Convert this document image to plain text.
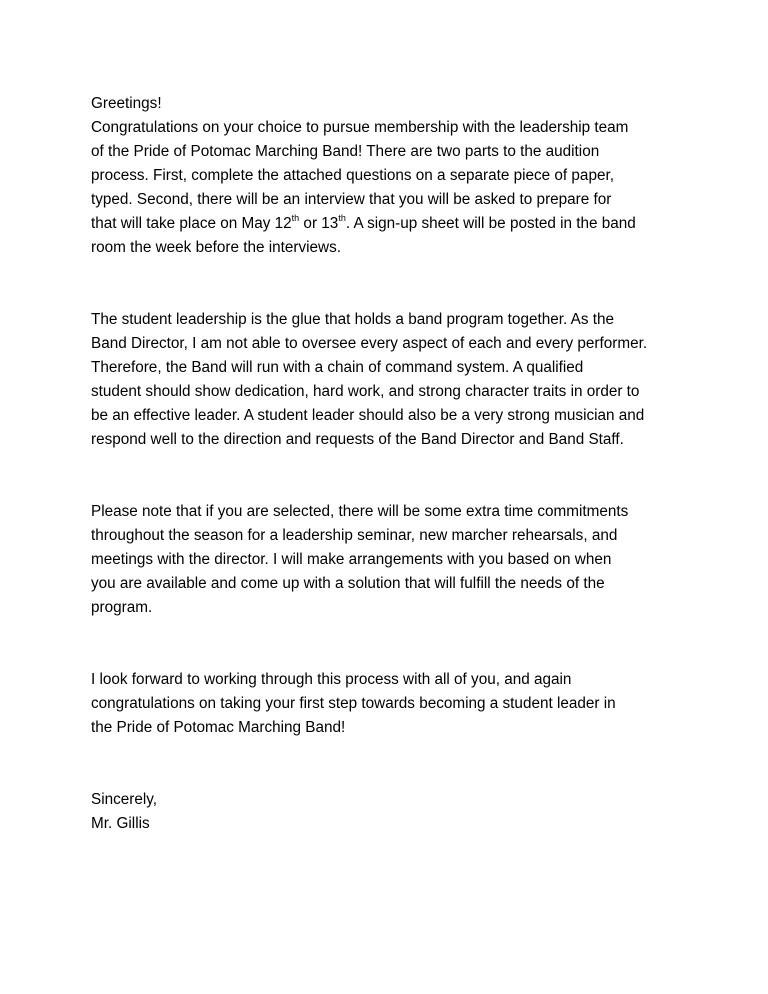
Greetings!

Congratulations on your choice to pursue membership with the leadership team

of the Pride of Potomac Marching Band! There are two parts to the audition

process. First, complete the attached questions on a separate piece of paper,

typed. Second, there will be an interview that you will be asked to prepare for

that will take place on May 12th or 13th. A sign-up sheet will be posted in the band

room the week before the interviews.

The student leadership is the glue that holds a band program together. As the

Band Director, I am not able to oversee every aspect of each and every performer.

Therefore, the Band will run with a chain of command system. A qualified

student should show dedication, hard work, and strong character traits in order to

be an effective leader. A student leader should also be a very strong musician and

respond well to the direction and requests of the Band Director and Band Staff.

Please note that if you are selected, there will be some extra time commitments

throughout the season for a leadership seminar, new marcher rehearsals, and

meetings with the director. I will make arrangements with you based on when

you are available and come up with a solution that will fulfill the needs of the

program.

I look forward to working through this process with all of you, and again

congratulations on taking your first step towards becoming a student leader in

the Pride of Potomac Marching Band!

Sincerely,

Mr. Gillis
